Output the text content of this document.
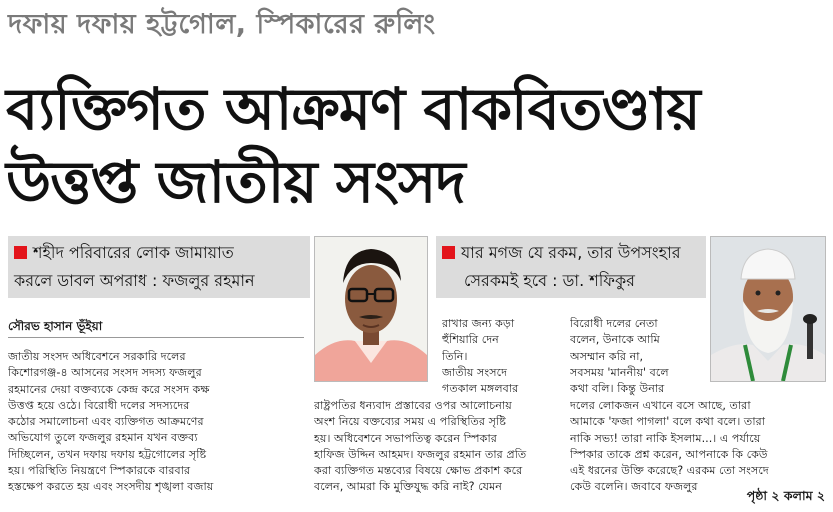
দফায় দফায় হট্টগোল, স্পিকারের রুলিং
ব্যক্তিগত আক্রমণ বাকবিতণ্ডায়
উত্তপ্ত জাতীয় সংসদ
শহীদ পরিবারের লোক জামায়াত
করলে ডাবল অপরাধ : ফজলুর রহমান
যার মগজ যে রকম, তার উপসংহার
সেরকমই হবে : ডা. শফিকুর
সৌরভ হাসান ভূঁইয়া
জাতীয় সংসদ অধিবেশনে সরকারি দলের
কিশোরগঞ্জ-৪ আসনের সংসদ সদস্য ফজলুর
রহমানের দেয়া বক্তব্যকে কেন্দ্র করে সংসদ কক্ষ
উত্তপ্ত হয়ে ওঠে। বিরোধী দলের সদস্যদের
কঠোর সমালোচনা এবং ব্যক্তিগত আক্রমণের
অভিযোগ তুলে ফজলুর রহমান যখন বক্তব্য
দিচ্ছিলেন, তখন দফায় দফায় হট্টগোলের সৃষ্টি
হয়। পরিস্থিতি নিয়ন্ত্রণে স্পিকারকে বারবার
হস্তক্ষেপ করতে হয় এবং সংসদীয় শৃঙ্খলা বজায়
রাখার জন্য কড়া
হুঁশিয়ারি দেন
তিনি।
জাতীয় সংসদে
গতকাল মঙ্গলবার
রাষ্ট্রপতির ধন্যবাদ প্রস্তাবের ওপর আলোচনায়
অংশ নিয়ে বক্তব্যের সময় এ পরিস্থিতির সৃষ্টি
হয়। অধিবেশনে সভাপতিত্ব করেন স্পিকার
হাফিজ উদ্দিন আহমদ। ফজলুর রহমান তার প্রতি
করা ব্যক্তিগত মন্তব্যের বিষয়ে ক্ষোভ প্রকাশ করে
বলেন, আমরা কি মুক্তিযুদ্ধ করি নাই? যেমন
বিরোধী দলের নেতা
বলেন, উনাকে আমি
অসম্মান করি না,
সবসময় 'মাননীয়' বলে
কথা বলি। কিন্তু উনার
দলের লোকজন এখানে বসে আছে, তারা
আমাকে 'ফজা পাগলা' বলে কথা বলে। তারা
নাকি সভ্য! তারা নাকি ইসলাম...। এ পর্যায়ে
স্পিকার তাকে প্রশ্ন করেন, আপনাকে কি কেউ
এই ধরনের উক্তি করেছে? এরকম তো সংসদে
কেউ বলেনি। জবাবে ফজলুর
পৃষ্ঠা ২ কলাম ২
